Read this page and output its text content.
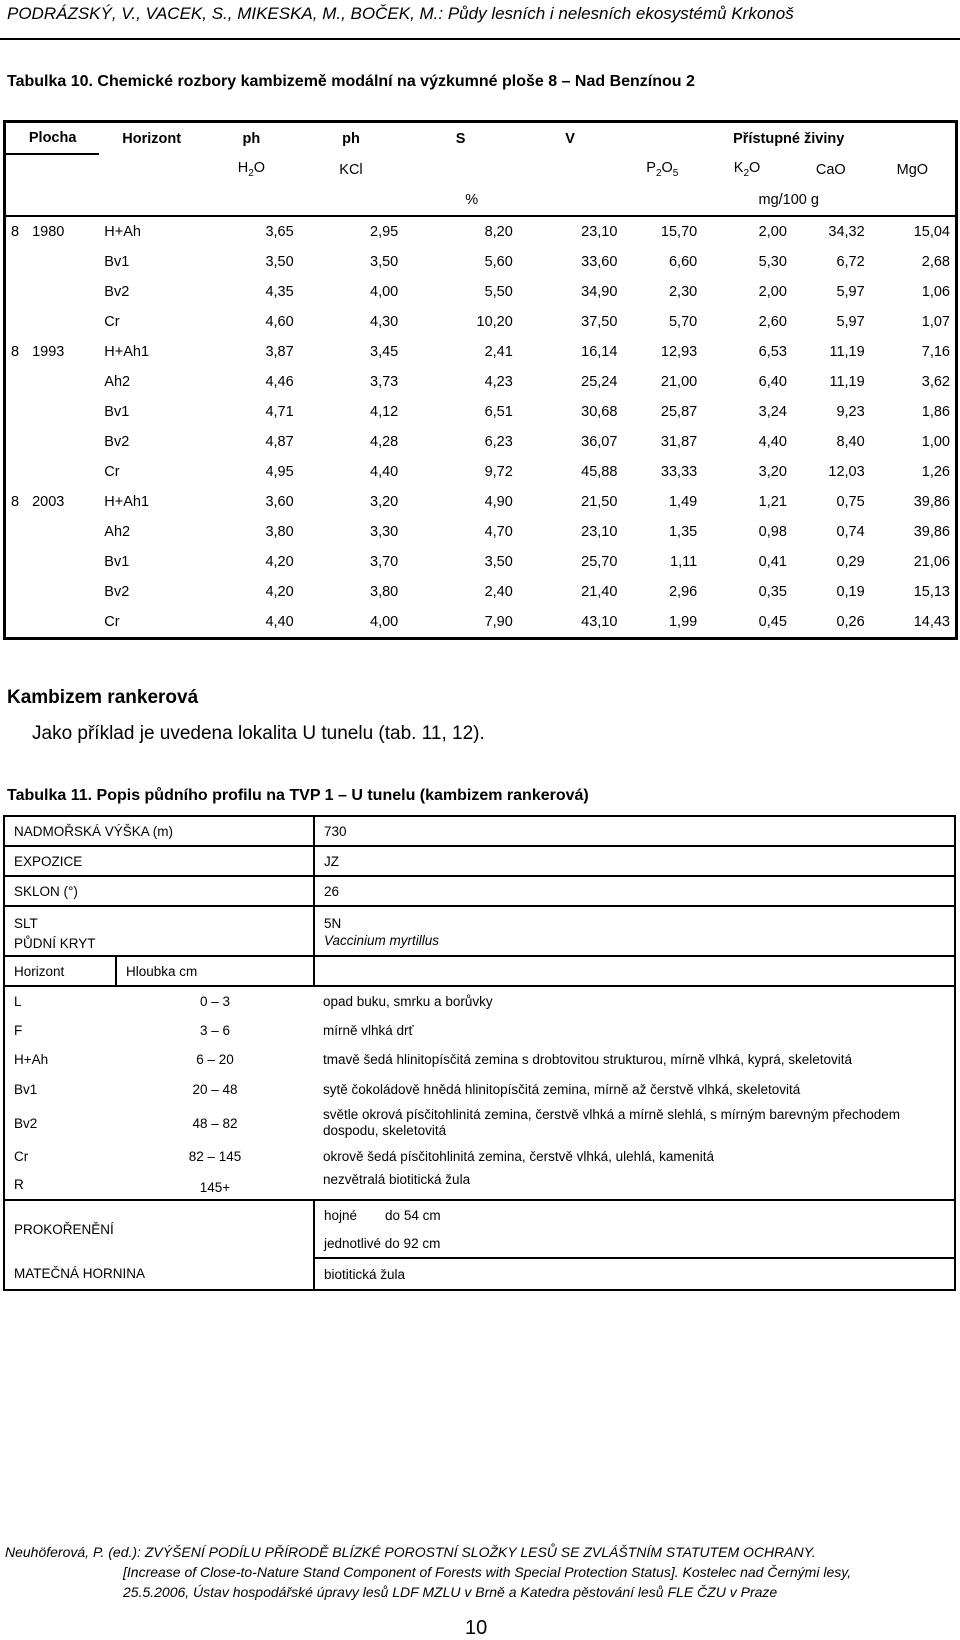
PODRÁZSKÝ, V., VACEK, S., MIKESKA, M., BOČEK, M.: Půdy lesních i nelesních ekosystémů Krkonoš
Tabulka 10. Chemické rozbory kambizemě modální na výzkumné ploše 8 – Nad Benzínou 2
Plocha	Horizont	ph	ph	S	V	Přístupné živiny			
		$H_2O$	KCl			$P_2O_5$	$K_2O$	CaO	MgO
				%		mg/100 g			
8 1980	H+Ah	3,65	2,95	8,20	23,10	15,70	2,00	34,32	15,04
	Bv1	3,50	3,50	5,60	33,60	6,60	5,30	6,72	2,68
	Bv2	4,35	4,00	5,50	34,90	2,30	2,00	5,97	1,06
	Cr	4,60	4,30	10,20	37,50	5,70	2,60	5,97	1,07
8 1993	H+Ah1	3,87	3,45	2,41	16,14	12,93	6,53	11,19	7,16
	Ah2	4,46	3,73	4,23	25,24	21,00	6,40	11,19	3,62
	Bv1	4,71	4,12	6,51	30,68	25,87	3,24	9,23	1,86
	Bv2	4,87	4,28	6,23	36,07	31,87	4,40	8,40	1,00
	Cr	4,95	4,40	9,72	45,88	33,33	3,20	12,03	1,26
8 2003	H+Ah1	3,60	3,20	4,90	21,50	1,49	1,21	0,75	39,86
	Ah2	3,80	3,30	4,70	23,10	1,35	0,98	0,74	39,86
	Bv1	4,20	3,70	3,50	25,70	1,11	0,41	0,29	21,06
	Bv2	4,20	3,80	2,40	21,40	2,96	0,35	0,19	15,13
	Cr	4,40	4,00	7,90	43,10	1,99	0,45	0,26	14,43
Kambizem rankerová
Jako příklad je uvedena lokalita U tunelu (tab. 11, 12).
Tabulka 11. Popis půdního profilu na TVP 1 – U tunelu (kambizem rankerová)
NADMOŘSKÁ VÝŠKA (m)		730
EXPOZICE		JZ
SKLON (°)		26
SLT		5N
PŮDNÍ KRYT		Vaccinium myrtillus
Horizont	Hloubka cm	
L	0 – 3	opad buku, smrku a borůvky
F	3 – 6	mírně vlhká drť
H+Ah	6 – 20	tmavě šedá hlinitopísčitá zemina s drobtovitou strukturou, mírně vlhká, kyprá, skeletovitá
Bv1	20 – 48	sytě čokoládově hnědá hlinitopísčitá zemina, mírně až čerstvě vlhká, skeletovitá
Bv2	48 – 82	světle okrová písčitohlinitá zemina, čerstvě vlhká a mírně slehlá, s mírným barevným přechodem dospodu, skeletovitá
Cr	82 – 145	okrově šedá písčitohlinitá zemina, čerstvě vlhká, ulehlá, kamenitá
R	145+	nezvětralá biotitická žula
PROKOŘENĚNÍ		hojné do 54 cm
		jednotlivé do 92 cm
MATEČNÁ HORNINA		biotitická žula
Neuhöferová, P. (ed.): ZVÝŠENÍ PODÍLU PŘÍRODĚ BLÍZKÉ POROSTNÍ SLOŽKY LESŮ SE ZVLÁŠTNÍM STATUTEM OCHRANY.
[Increase of Close-to-Nature Stand Component of Forests with Special Protection Status]. Kostelec nad Černými lesy,
25.5.2006, Ústav hospodářské úpravy lesů LDF MZLU v Brně a Katedra pěstování lesů FLE ČZU v Praze
10
